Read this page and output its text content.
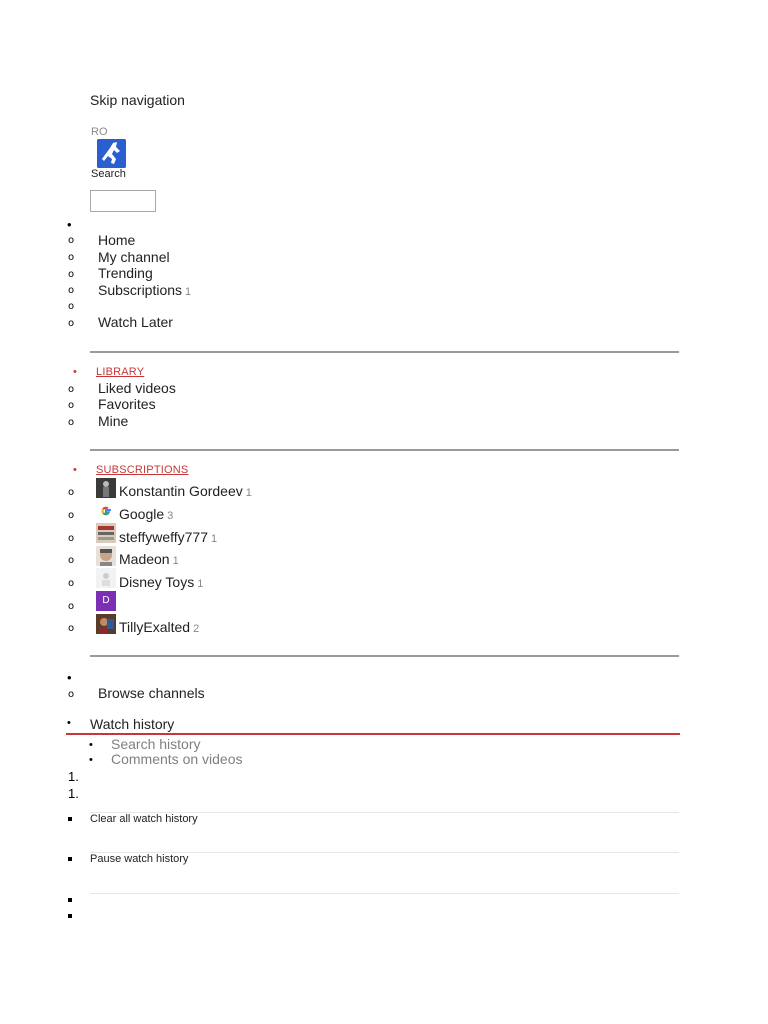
Skip navigation
RO
Search
•
o Home
o My channel
o Trending
o Subscriptions 1
o
o Watch Later
• LIBRARY
o Liked videos
o Favorites
o Mine
• SUBSCRIPTIONS
o	Konstantin Gordeev 1
o	Google 3
o	steffyweffy777 1
o	Madeon 1
o	Disney Toys 1
o
D
o	TillyExalted 2
•
o Browse channels
• Watch history
• Search history
• Comments on videos
1.
1.
Clear all watch history
Pause watch history
